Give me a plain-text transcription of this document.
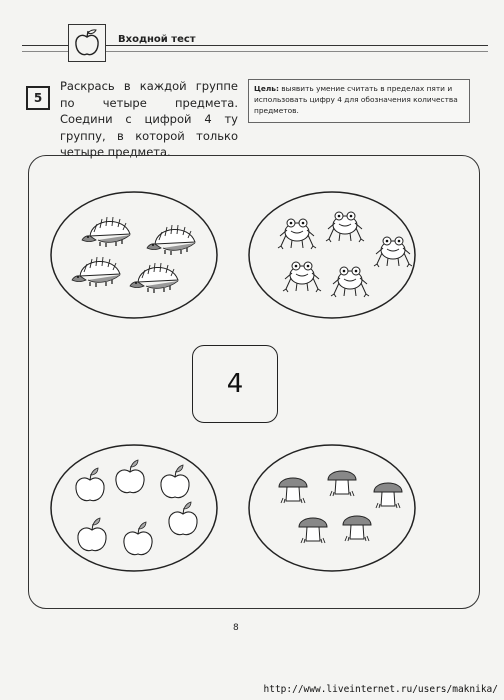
Входной тест
5
Раскрась в каждой группе по четыре предмета. Соедини с цифрой 4 ту группу, в которой только четыре предмета.
Цель: выявить умение считать в пределах пяти и использовать цифру 4 для обозначения количества предметов.
4
8
http://www.liveinternet.ru/users/maknika/
